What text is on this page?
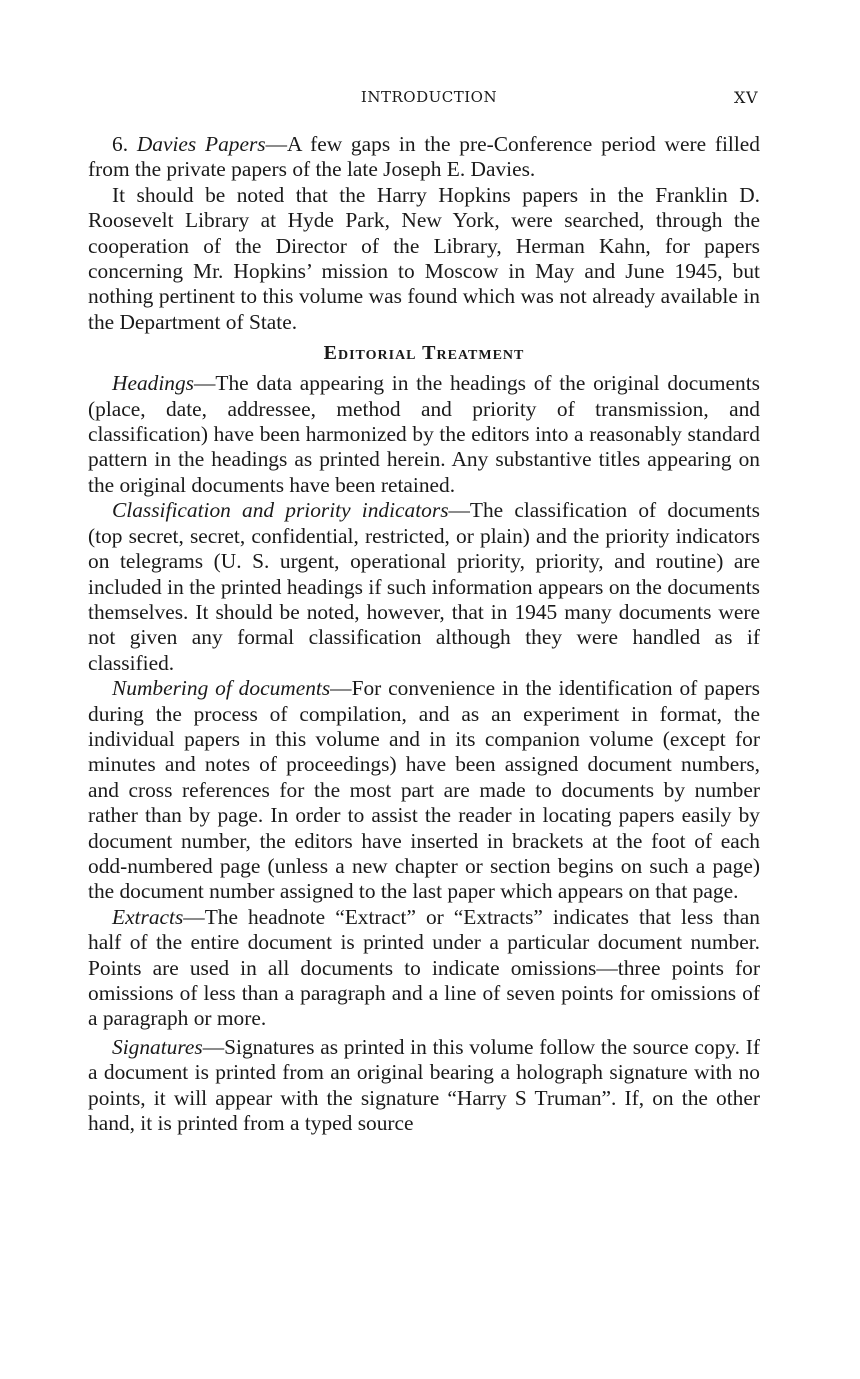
INTRODUCTION	XV

6. Davies Papers—A few gaps in the pre-Conference period were filled from the private papers of the late Joseph E. Davies.

It should be noted that the Harry Hopkins papers in the Franklin D. Roosevelt Library at Hyde Park, New York, were searched, through the cooperation of the Director of the Library, Herman Kahn, for papers concerning Mr. Hopkins’ mission to Moscow in May and June 1945, but nothing pertinent to this volume was found which was not already available in the Department of State.

Editorial Treatment

Headings—The data appearing in the headings of the original documents (place, date, addressee, method and priority of transmission, and classification) have been harmonized by the editors into a reasonably standard pattern in the headings as printed herein. Any substantive titles appearing on the original documents have been retained.

Classification and priority indicators—The classification of documents (top secret, secret, confidential, restricted, or plain) and the priority indicators on telegrams (U. S. urgent, operational priority, priority, and routine) are included in the printed headings if such information appears on the documents themselves. It should be noted, however, that in 1945 many documents were not given any formal classification although they were handled as if classified.

Numbering of documents—For convenience in the identification of papers during the process of compilation, and as an experiment in format, the individual papers in this volume and in its companion volume (except for minutes and notes of proceedings) have been assigned document numbers, and cross references for the most part are made to documents by number rather than by page. In order to assist the reader in locating papers easily by document number, the editors have inserted in brackets at the foot of each odd-numbered page (unless a new chapter or section begins on such a page) the document number assigned to the last paper which appears on that page.

Extracts—The headnote “Extract” or “Extracts” indicates that less than half of the entire document is printed under a particular document number. Points are used in all documents to indicate omissions—three points for omissions of less than a paragraph and a line of seven points for omissions of a paragraph or more.

Signatures—Signatures as printed in this volume follow the source copy. If a document is printed from an original bearing a holograph signature with no points, it will appear with the signature “Harry S Truman”. If, on the other hand, it is printed from a typed source
